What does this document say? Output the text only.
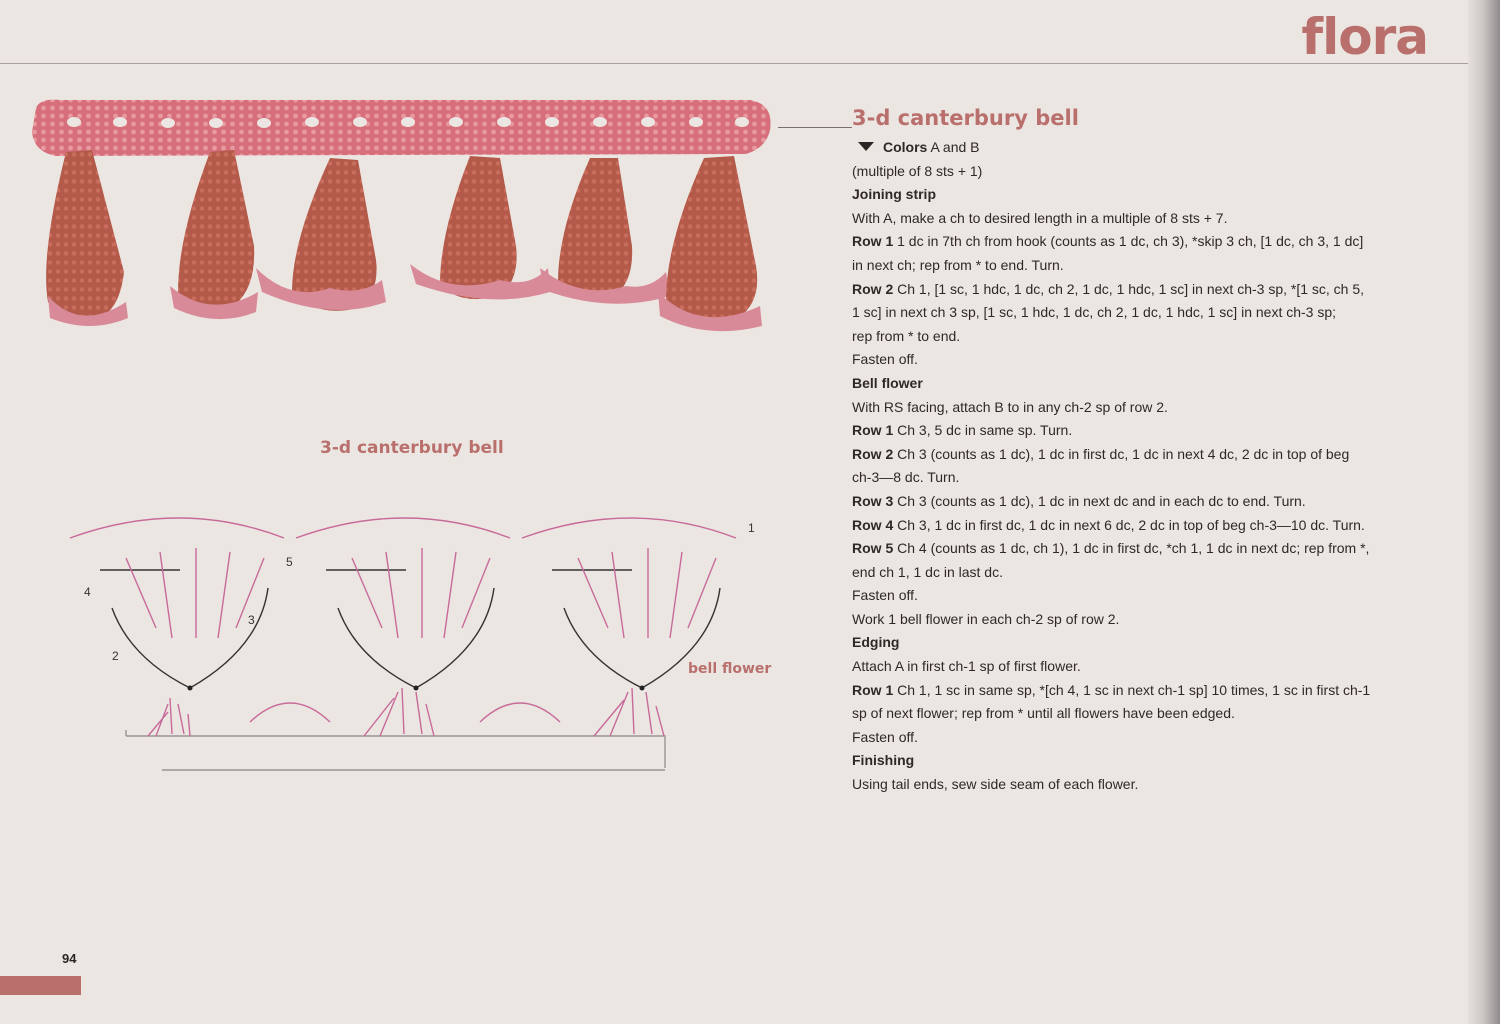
flora
3-d canterbury bell
1
5
4
3
2
bell flower
3-d canterbury bell
Colors A and B
(multiple of 8 sts + 1)
Joining strip
With A, make a ch to desired length in a multiple of 8 sts + 7.
Row 1 1 dc in 7th ch from hook (counts as 1 dc, ch 3), *skip 3 ch, [1 dc, ch 3, 1 dc]
in next ch; rep from * to end. Turn.
Row 2 Ch 1, [1 sc, 1 hdc, 1 dc, ch 2, 1 dc, 1 hdc, 1 sc] in next ch-3 sp, *[1 sc, ch 5,
1 sc] in next ch 3 sp, [1 sc, 1 hdc, 1 dc, ch 2, 1 dc, 1 hdc, 1 sc] in next ch-3 sp;
rep from * to end.
Fasten off.
Bell flower
With RS facing, attach B to in any ch-2 sp of row 2.
Row 1 Ch 3, 5 dc in same sp. Turn.
Row 2 Ch 3 (counts as 1 dc), 1 dc in first dc, 1 dc in next 4 dc, 2 dc in top of beg
ch-3—8 dc. Turn.
Row 3 Ch 3 (counts as 1 dc), 1 dc in next dc and in each dc to end. Turn.
Row 4 Ch 3, 1 dc in first dc, 1 dc in next 6 dc, 2 dc in top of beg ch-3—10 dc. Turn.
Row 5 Ch 4 (counts as 1 dc, ch 1), 1 dc in first dc, *ch 1, 1 dc in next dc; rep from *,
end ch 1, 1 dc in last dc.
Fasten off.
Work 1 bell flower in each ch-2 sp of row 2.
Edging
Attach A in first ch-1 sp of first flower.
Row 1 Ch 1, 1 sc in same sp, *[ch 4, 1 sc in next ch-1 sp] 10 times, 1 sc in first ch-1
sp of next flower; rep from * until all flowers have been edged.
Fasten off.
Finishing
Using tail ends, sew side seam of each flower.
94
